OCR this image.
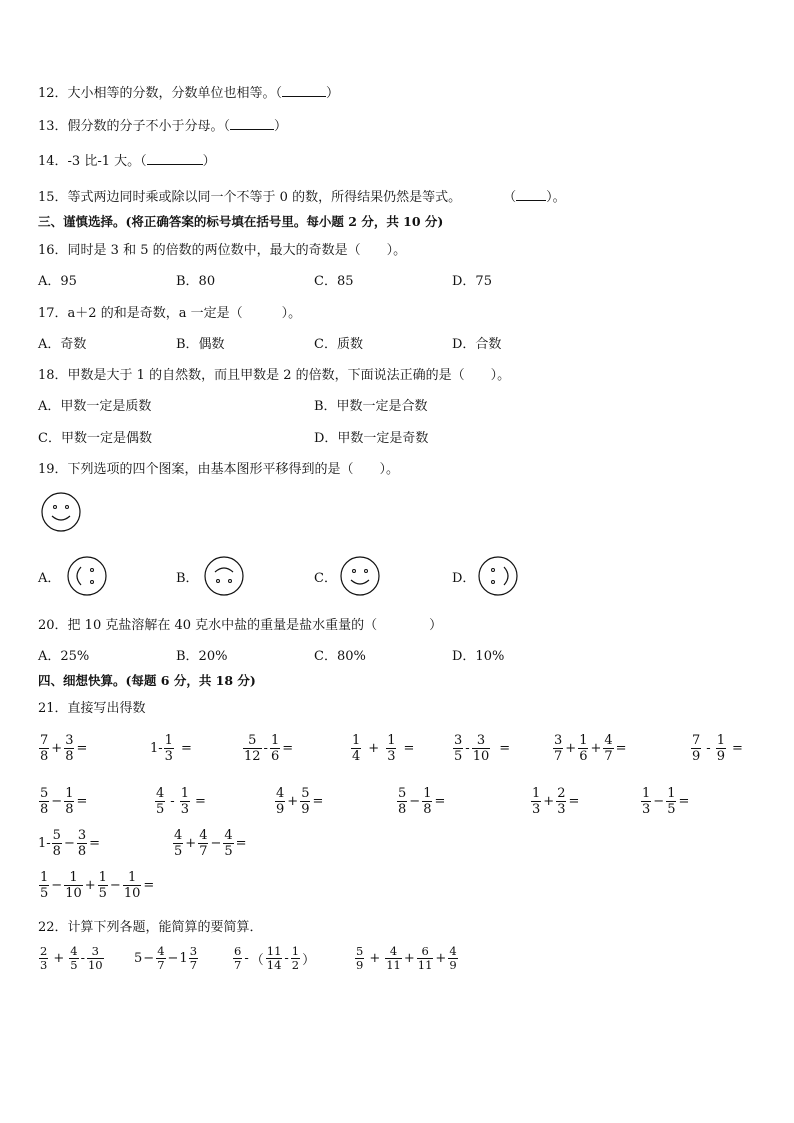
12．大小相等的分数，分数单位也相等。（	）
13．假分数的分子不小于分母。（	）
14．-3 比-1 大。（	）
15．等式两边同时乘或除以同一个不等于 0 的数，所得结果仍然是等式。	（ ）。
三、谨慎选择。(将正确答案的标号填在括号里。每小题 2 分，共 10 分)
16．同时是 3 和 5 的倍数的两位数中，最大的奇数是（　　）。
A．95	B．80	C．85	D．75
17．a＋2 的和是奇数，a 一定是（　　　）。
A．奇数	B．偶数	C．质数	D．合数
18．甲数是大于 1 的自然数，而且甲数是 2 的倍数，下面说法正确的是（　　）。
A．甲数一定是质数	B．甲数一定是合数
C．甲数一定是偶数	D．甲数一定是奇数
19．下列选项的四个图案，由基本图形平移得到的是（　　）。
A．	B．	C．	D．
20．把 10 克盐溶解在 40 克水中盐的重量是盐水重量的（　　　　）
A．25%	B．20%	C．80%	D．10%
四、细想快算。(每题 6 分，共 18 分)
21．直接写出得数
$\frac{7}{8} + \frac{3}{8}$ =	$1- \frac{1}{3}$ =	$\frac{5}{12} - \frac{1}{6}$ =	$\frac{1}{4} + \frac{1}{3}$ =	$\frac{3}{5} - \frac{3}{10}$ =	$\frac{3}{7} + \frac{1}{6} + \frac{4}{7}$ =	$\frac{7}{9} - \frac{1}{9}$ =
$\frac{5}{8} - \frac{1}{8}$ =	$\frac{4}{5} - \frac{1}{3}$ =	$\frac{4}{9} + \frac{5}{9}$ =	$\frac{5}{8} - \frac{1}{8}$ =	$\frac{1}{3} + \frac{2}{3}$ =	$\frac{1}{3} - \frac{1}{5}$ =
$1- \frac{5}{8} - \frac{3}{8}$ =	$\frac{4}{5} + \frac{4}{7} - \frac{4}{5}$ =
$\frac{1}{5} - \frac{1}{10} + \frac{1}{5} - \frac{1}{10}$ =
22．计算下列各题，能简算的要简算．
$\frac{2}{3} + \frac{4}{5} - \frac{3}{10} 5 - \frac{4}{7} - 1 \frac{3}{7}$	$\frac{6}{7}$ - （ $\frac{11}{14} - \frac{1}{2}$ ）	$\frac{5}{9} + \frac{4}{11} + \frac{6}{11} + \frac{4}{9}$
